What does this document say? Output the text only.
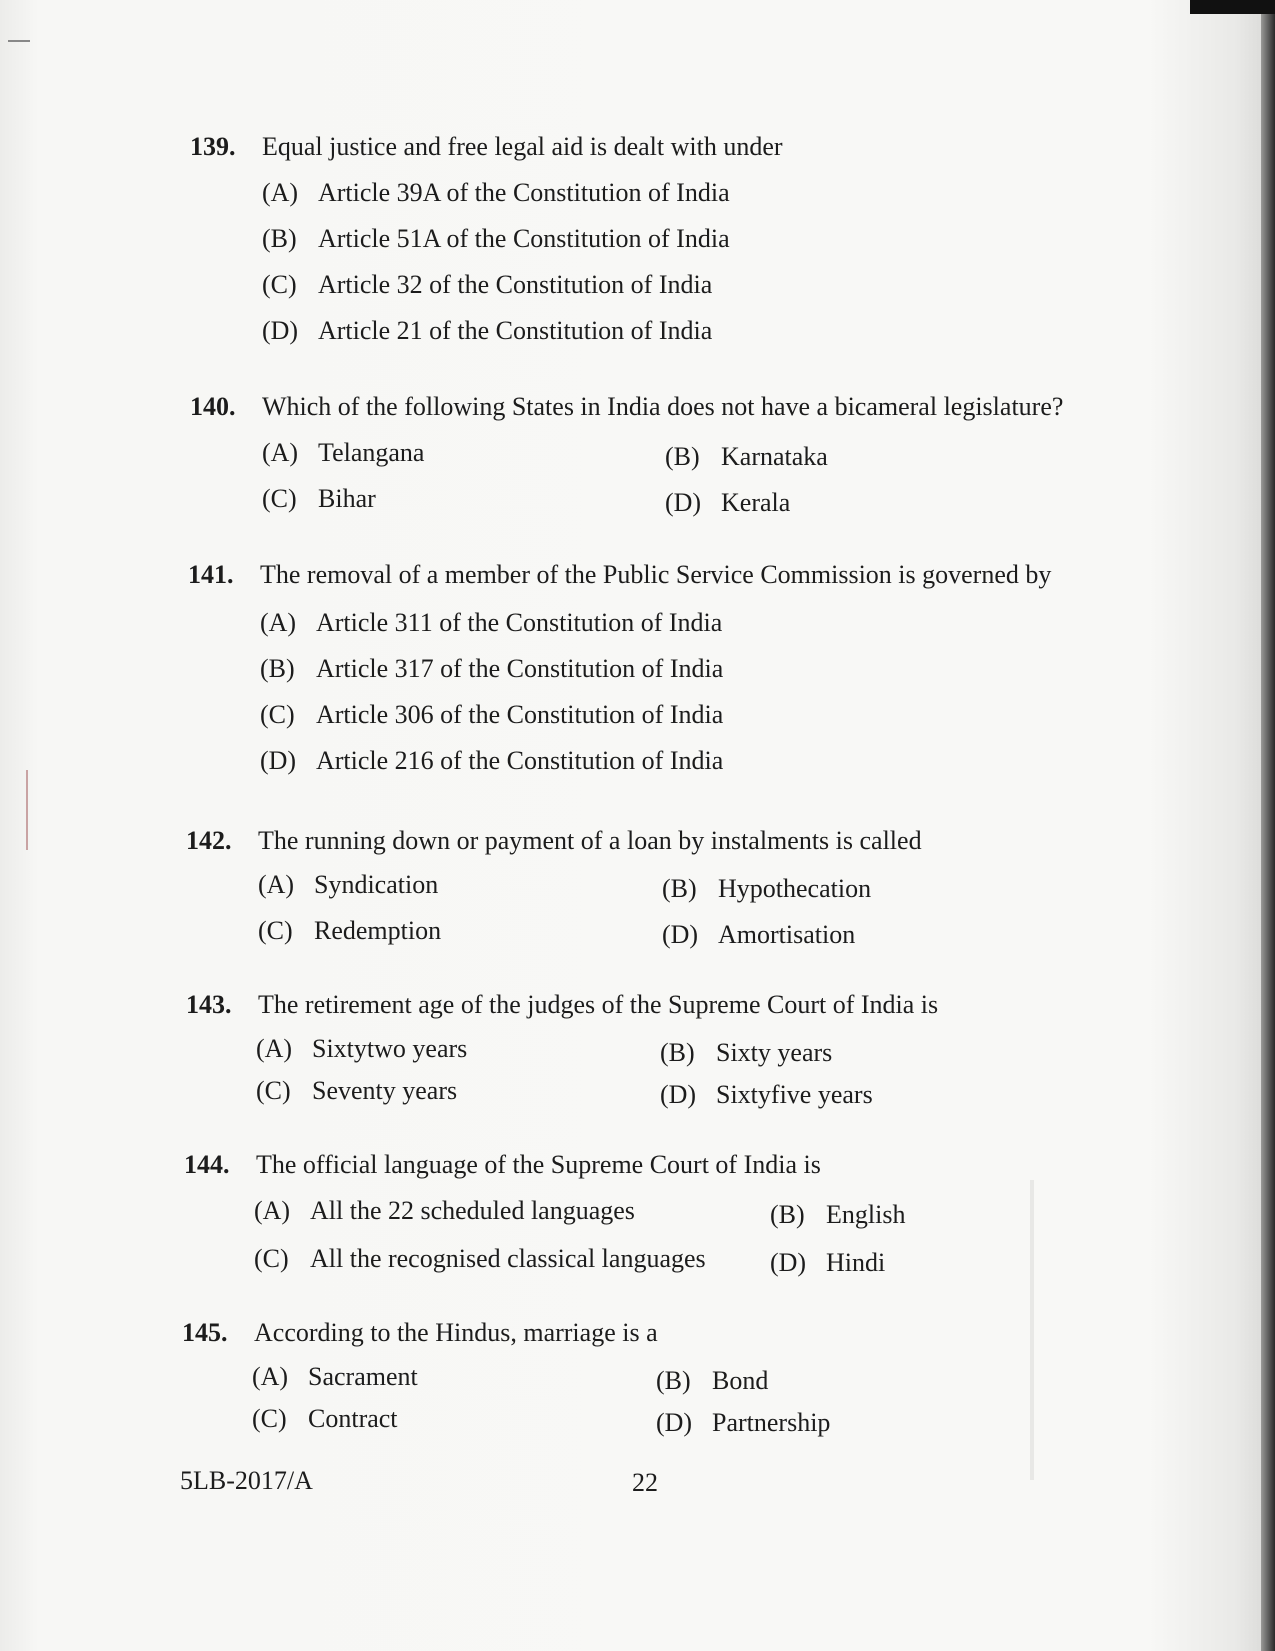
139. Equal justice and free legal aid is dealt with under
(A) Article 39A of the Constitution of India
(B) Article 51A of the Constitution of India
(C) Article 32 of the Constitution of India
(D) Article 21 of the Constitution of India
140. Which of the following States in India does not have a bicameral legislature?
(A) Telangana	(B) Karnataka
(C) Bihar	(D) Kerala
141. The removal of a member of the Public Service Commission is governed by
(A) Article 311 of the Constitution of India
(B) Article 317 of the Constitution of India
(C) Article 306 of the Constitution of India
(D) Article 216 of the Constitution of India
142. The running down or payment of a loan by instalments is called
(A) Syndication	(B) Hypothecation
(C) Redemption	(D) Amortisation
143. The retirement age of the judges of the Supreme Court of India is
(A) Sixtytwo years	(B) Sixty years
(C) Seventy years	(D) Sixtyfive years
144. The official language of the Supreme Court of India is
(A) All the 22 scheduled languages	(B) English
(C) All the recognised classical languages (D) Hindi
145. According to the Hindus, marriage is a
(A) Sacrament	(B) Bond
(C) Contract	(D) Partnership
5LB-2017/A	22
